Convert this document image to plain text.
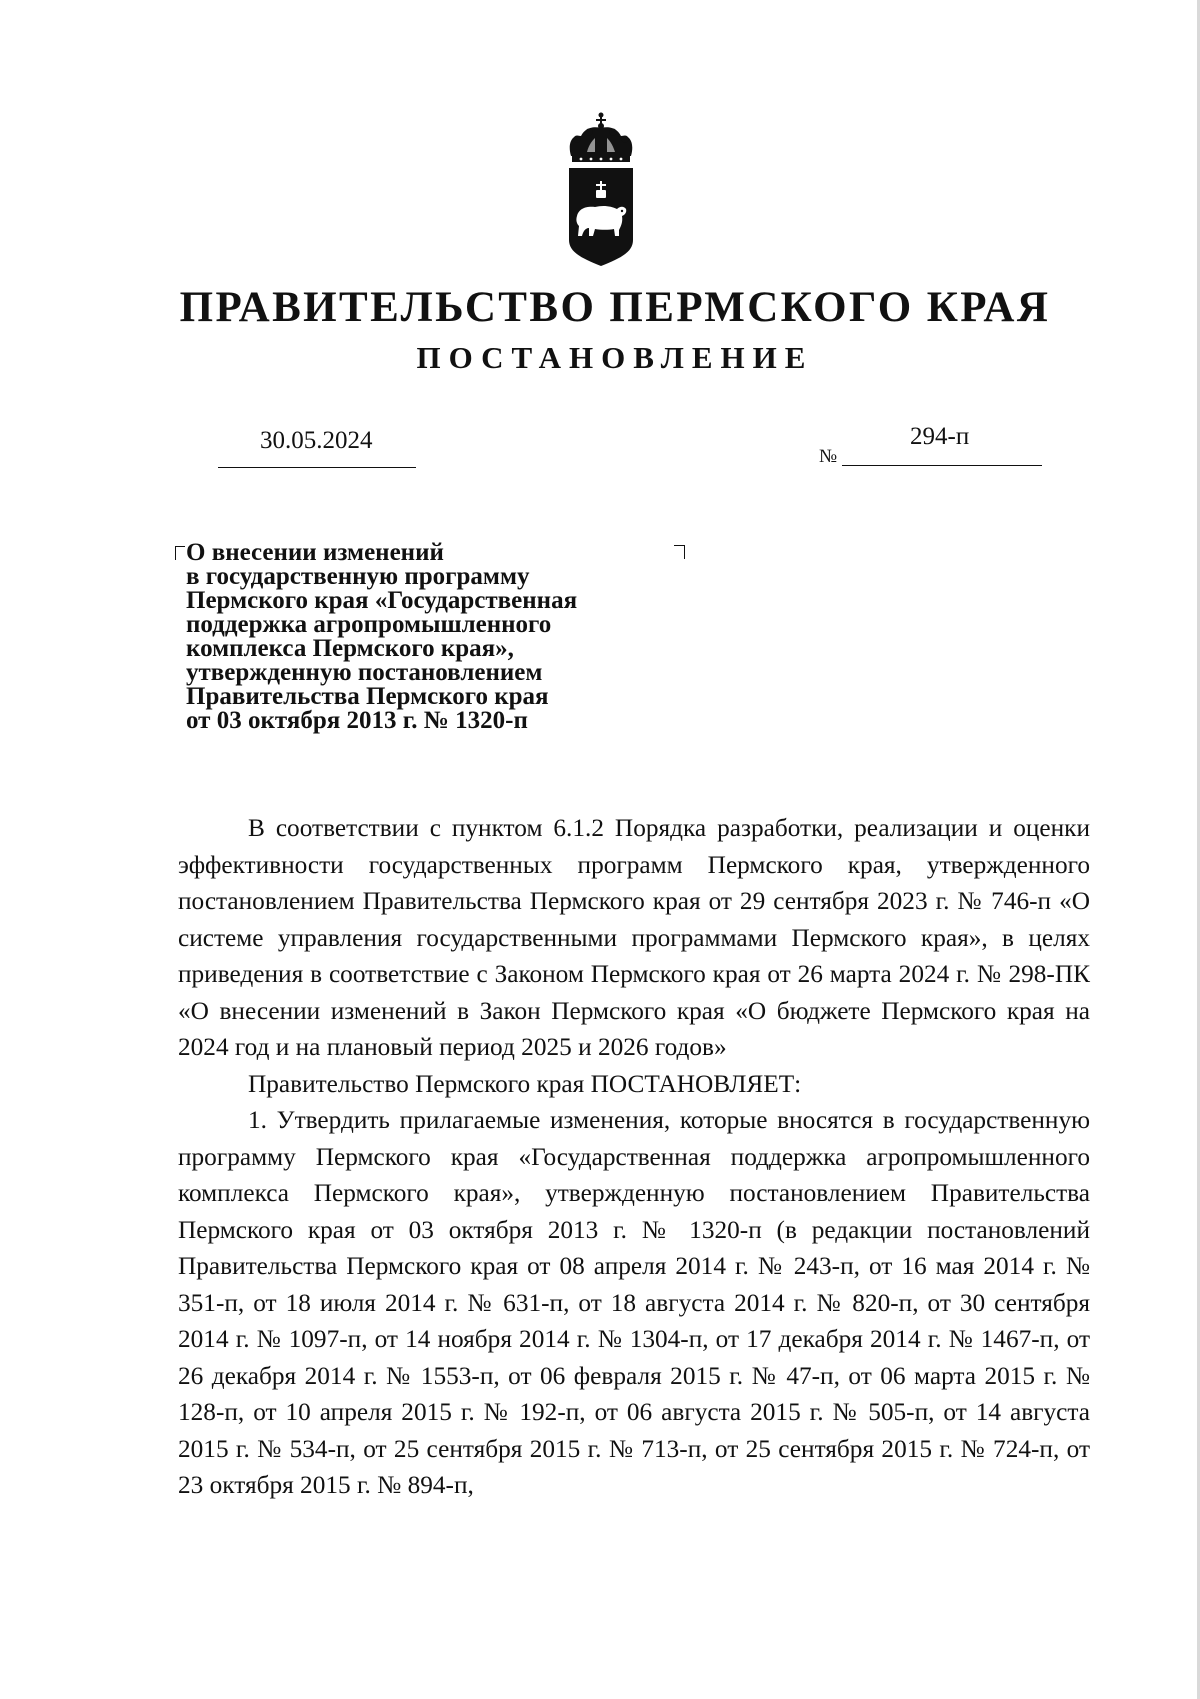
ПРАВИТЕЛЬСТВО ПЕРМСКОГО КРАЯ
ПОСТАНОВЛЕНИЕ
30.05.2024
№
294-п
О внесении изменений
в государственную программу
Пермского края «Государственная
поддержка агропромышленного
комплекса Пермского края»,
утвержденную постановлением
Правительства Пермского края
от 03 октября 2013 г. № 1320-п

В соответствии с пунктом 6.1.2 Порядка разработки, реализации и оценки эффективности государственных программ Пермского края, утвержденного постановлением Правительства Пермского края от 29 сентября 2023 г. № 746-п «О системе управления государственными программами Пермского края», в целях приведения в соответствие с Законом Пермского края от 26 марта 2024 г. № 298-ПК «О внесении изменений в Закон Пермского края «О бюджете Пермского края на 2024 год и на плановый период 2025 и 2026 годов»

Правительство Пермского края ПОСТАНОВЛЯЕТ:

1. Утвердить прилагаемые изменения, которые вносятся в государственную программу Пермского края «Государственная поддержка агропромышленного комплекса Пермского края», утвержденную постановлением Правительства Пермского края от 03 октября 2013 г. № 1320-п (в редакции постановлений Правительства Пермского края от 08 апреля 2014 г. № 243-п, от 16 мая 2014 г. № 351-п, от 18 июля 2014 г. № 631-п, от 18 августа 2014 г. № 820-п, от 30 сентября 2014 г. № 1097-п, от 14 ноября 2014 г. № 1304-п, от 17 декабря 2014 г. № 1467-п, от 26 декабря 2014 г. № 1553-п, от 06 февраля 2015 г. № 47-п, от 06 марта 2015 г. № 128-п, от 10 апреля 2015 г. № 192-п, от 06 августа 2015 г. № 505-п, от 14 августа 2015 г. № 534-п, от 25 сентября 2015 г. № 713-п, от 25 сентября 2015 г. № 724-п, от 23 октября 2015 г. № 894-п,
